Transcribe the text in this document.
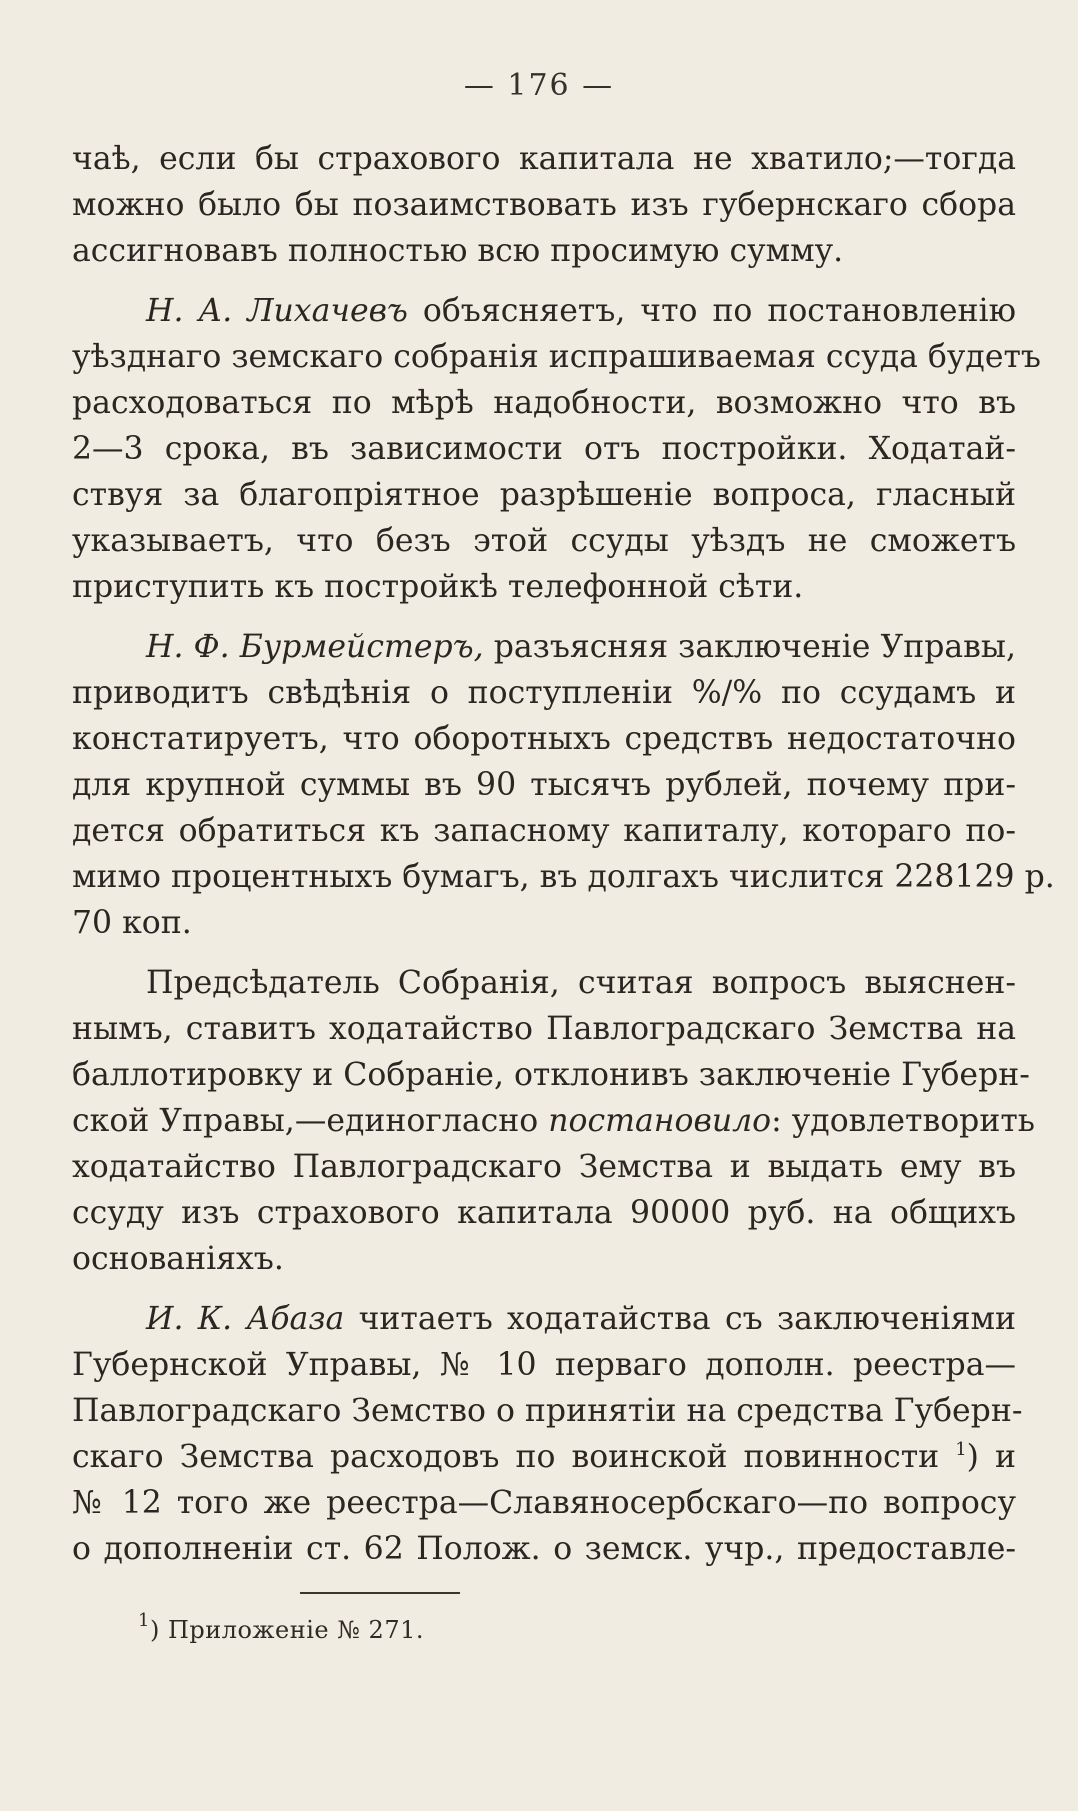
— 176 —
чаѣ, если бы страхового капитала не хватило;—тогда
можно было бы позаимствовать изъ губернскаго сбора
ассигновавъ полностью всю просимую сумму.
Н. А. Лихачевъ объясняетъ, что по постановленію
уѣзднаго земскаго собранія испрашиваемая ссуда будетъ
расходоваться по мѣрѣ надобности, возможно что въ
2—3 срока, въ зависимости отъ постройки. Ходатай-
ствуя за благопріятное разрѣшеніе вопроса, гласный
указываетъ, что безъ этой ссуды уѣздъ не сможетъ
приступить къ постройкѣ телефонной сѣти.
Н. Ф. Бурмейстеръ, разъясняя заключеніе Управы,
приводитъ свѣдѣнія о поступленіи %/% по ссудамъ и
констатируетъ, что оборотныхъ средствъ недостаточно
для крупной суммы въ 90 тысячъ рублей, почему при-
дется обратиться къ запасному капиталу, котораго по-
мимо процентныхъ бумагъ, въ долгахъ числится 228129 р.
70 коп.
Предсѣдатель Собранія, считая вопросъ выяснен-
нымъ, ставитъ ходатайство Павлоградскаго Земства на
баллотировку и Собраніе, отклонивъ заключеніе Губерн-
ской Управы,—единогласно постановило: удовлетворить
ходатайство Павлоградскаго Земства и выдать ему въ
ссуду изъ страхового капитала 90000 руб. на общихъ
основаніяхъ.
И. К. Абаза читаетъ ходатайства съ заключеніями
Губернской Управы, № 10 перваго дополн. реестра—
Павлоградскаго Земство о принятіи на средства Губерн-
скаго Земства расходовъ по воинской повинности $^1$) и
№ 12 того же реестра—Славяносербскаго—по вопросу
о дополненіи ст. 62 Полож. о земск. учр., предоставле-
$^1$) Приложеніе № 271.
